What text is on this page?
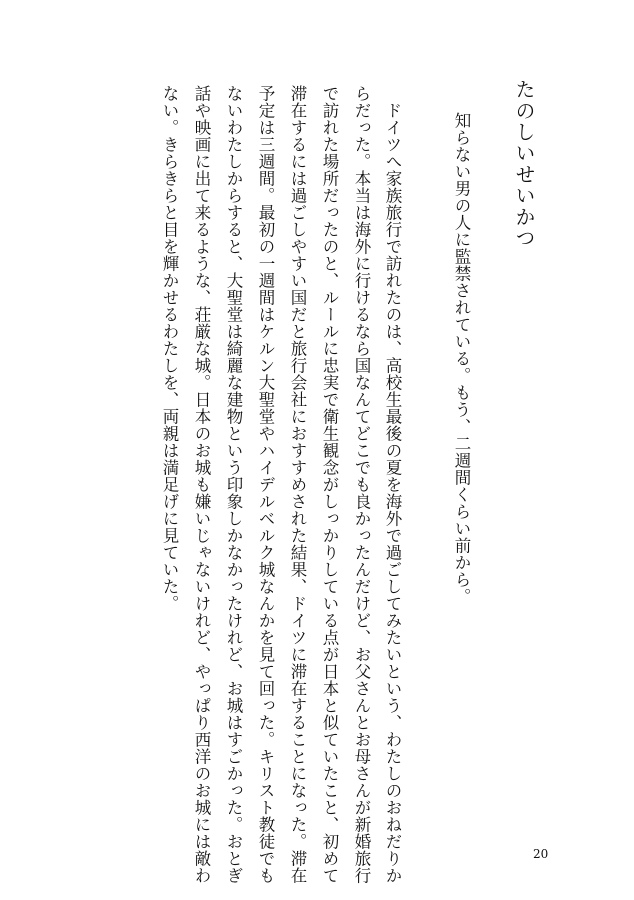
たのしいせいかつ
知らない男の人に監禁されている。もう、二週間くらい前から。
ドイツへ家族旅行で訪れたのは、高校生最後の夏を海外で過ごしてみたいという、わたしのおねだりか
らだった。本当は海外に行けるなら国なんてどこでも良かったんだけど、お父さんとお母さんが新婚旅行
で訪れた場所だったのと、ルールに忠実で衛生観念がしっかりしている点が日本と似ていたこと、初めて
滞在するには過ごしやすい国だと旅行会社におすすめされた結果、ドイツに滞在することになった。滞在
予定は三週間。最初の一週間はケルン大聖堂やハイデルベルク城なんかを見て回った。キリスト教徒でも
ないわたしからすると、大聖堂は綺麗な建物という印象しかなかったけれど、お城はすごかった。おとぎ
話や映画に出て来るような、荘厳な城。日本のお城も嫌いじゃないけれど、やっぱり西洋のお城には敵わ
ない。きらきらと目を輝かせるわたしを、両親は満足げに見ていた。
20
